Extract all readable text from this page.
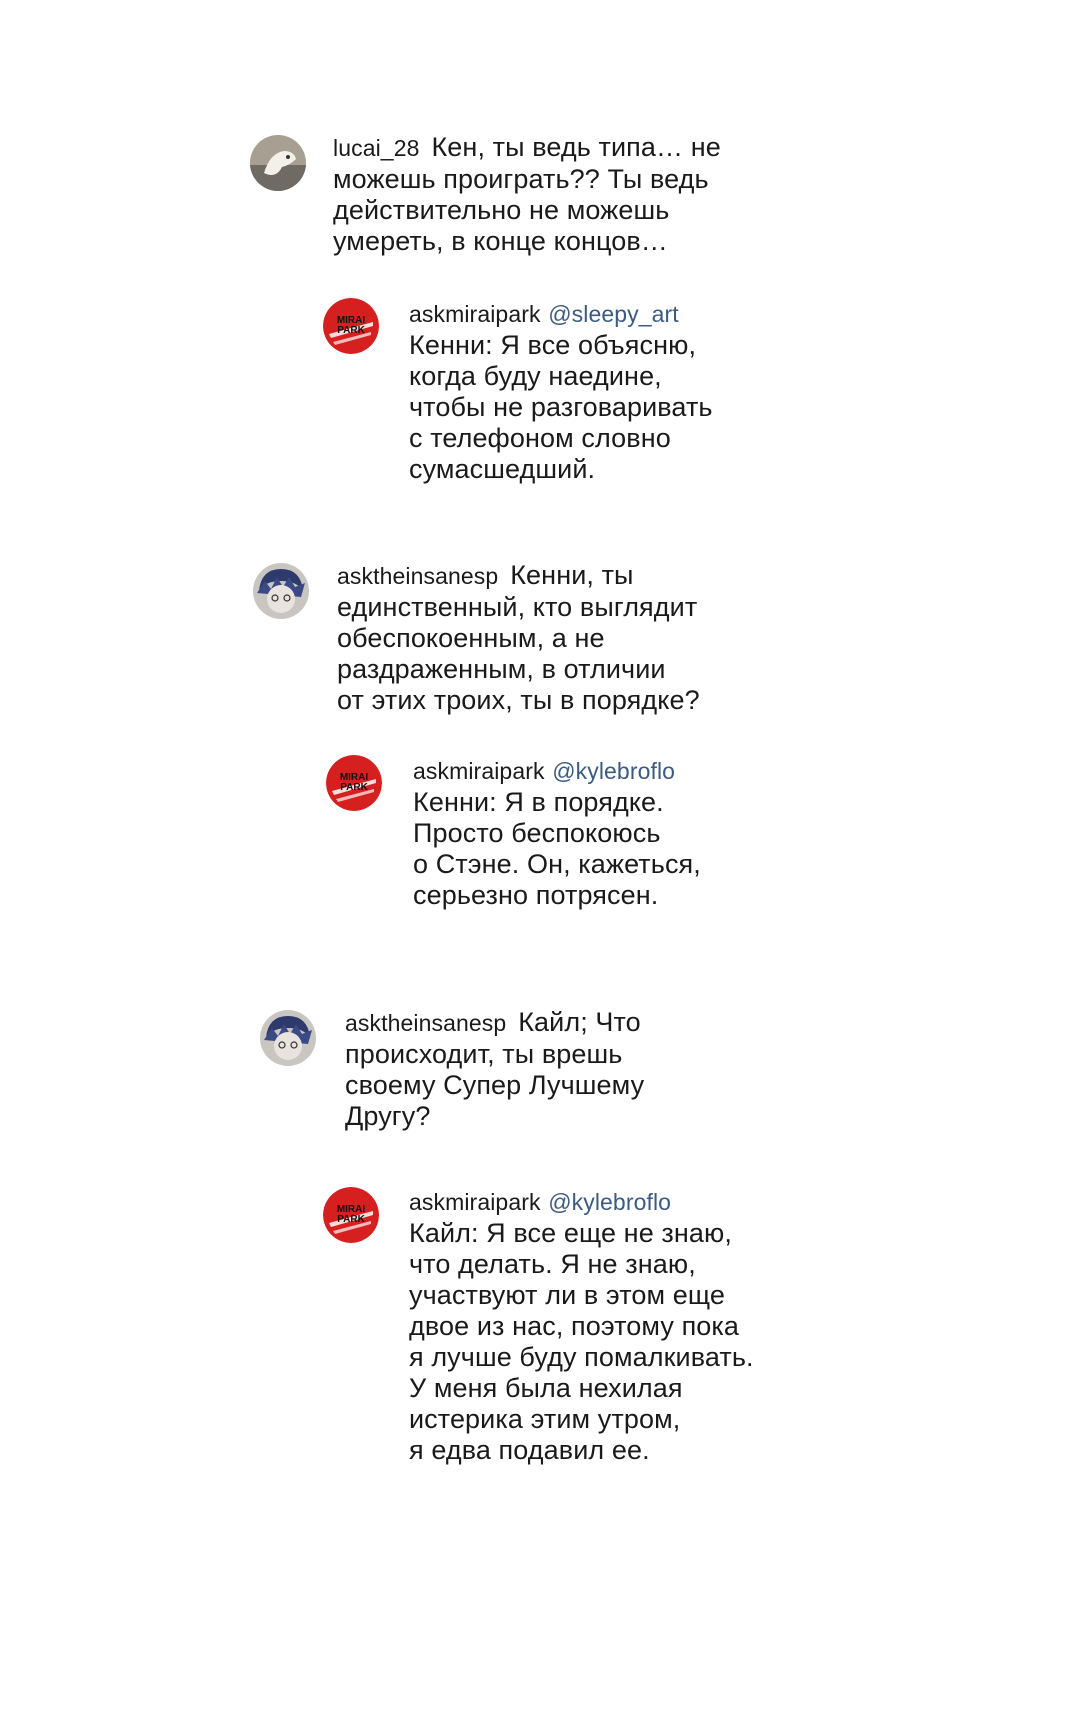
lucai_28 Кен, ты ведь типа… не
можешь проиграть?? Ты ведь
действительно не можешь
умереть, в конце концов…
MIRAI
PARK
askmiraipark @sleepy_art
Кенни: Я все объясню,
когда буду наедине,
чтобы не разговаривать
с телефоном словно
сумасшедший.
asktheinsanesp Кенни, ты
единственный, кто выглядит
обеспокоенным, а не
раздраженным, в отличии
от этих троих, ты в порядке?
MIRAI
PARK
askmiraipark @kylebroflo
Кенни: Я в порядке.
Просто беспокоюсь
о Стэне. Он, кажеться,
серьезно потрясен.
asktheinsanesp Кайл; Что
происходит, ты врешь
своему Супер Лучшему
Другу?
MIRAI
PARK
askmiraipark @kylebroflo
Кайл: Я все еще не знаю,
что делать. Я не знаю,
участвуют ли в этом еще
двое из нас, поэтому пока
я лучше буду помалкивать.
У меня была нехилая
истерика этим утром,
я едва подавил ее.
